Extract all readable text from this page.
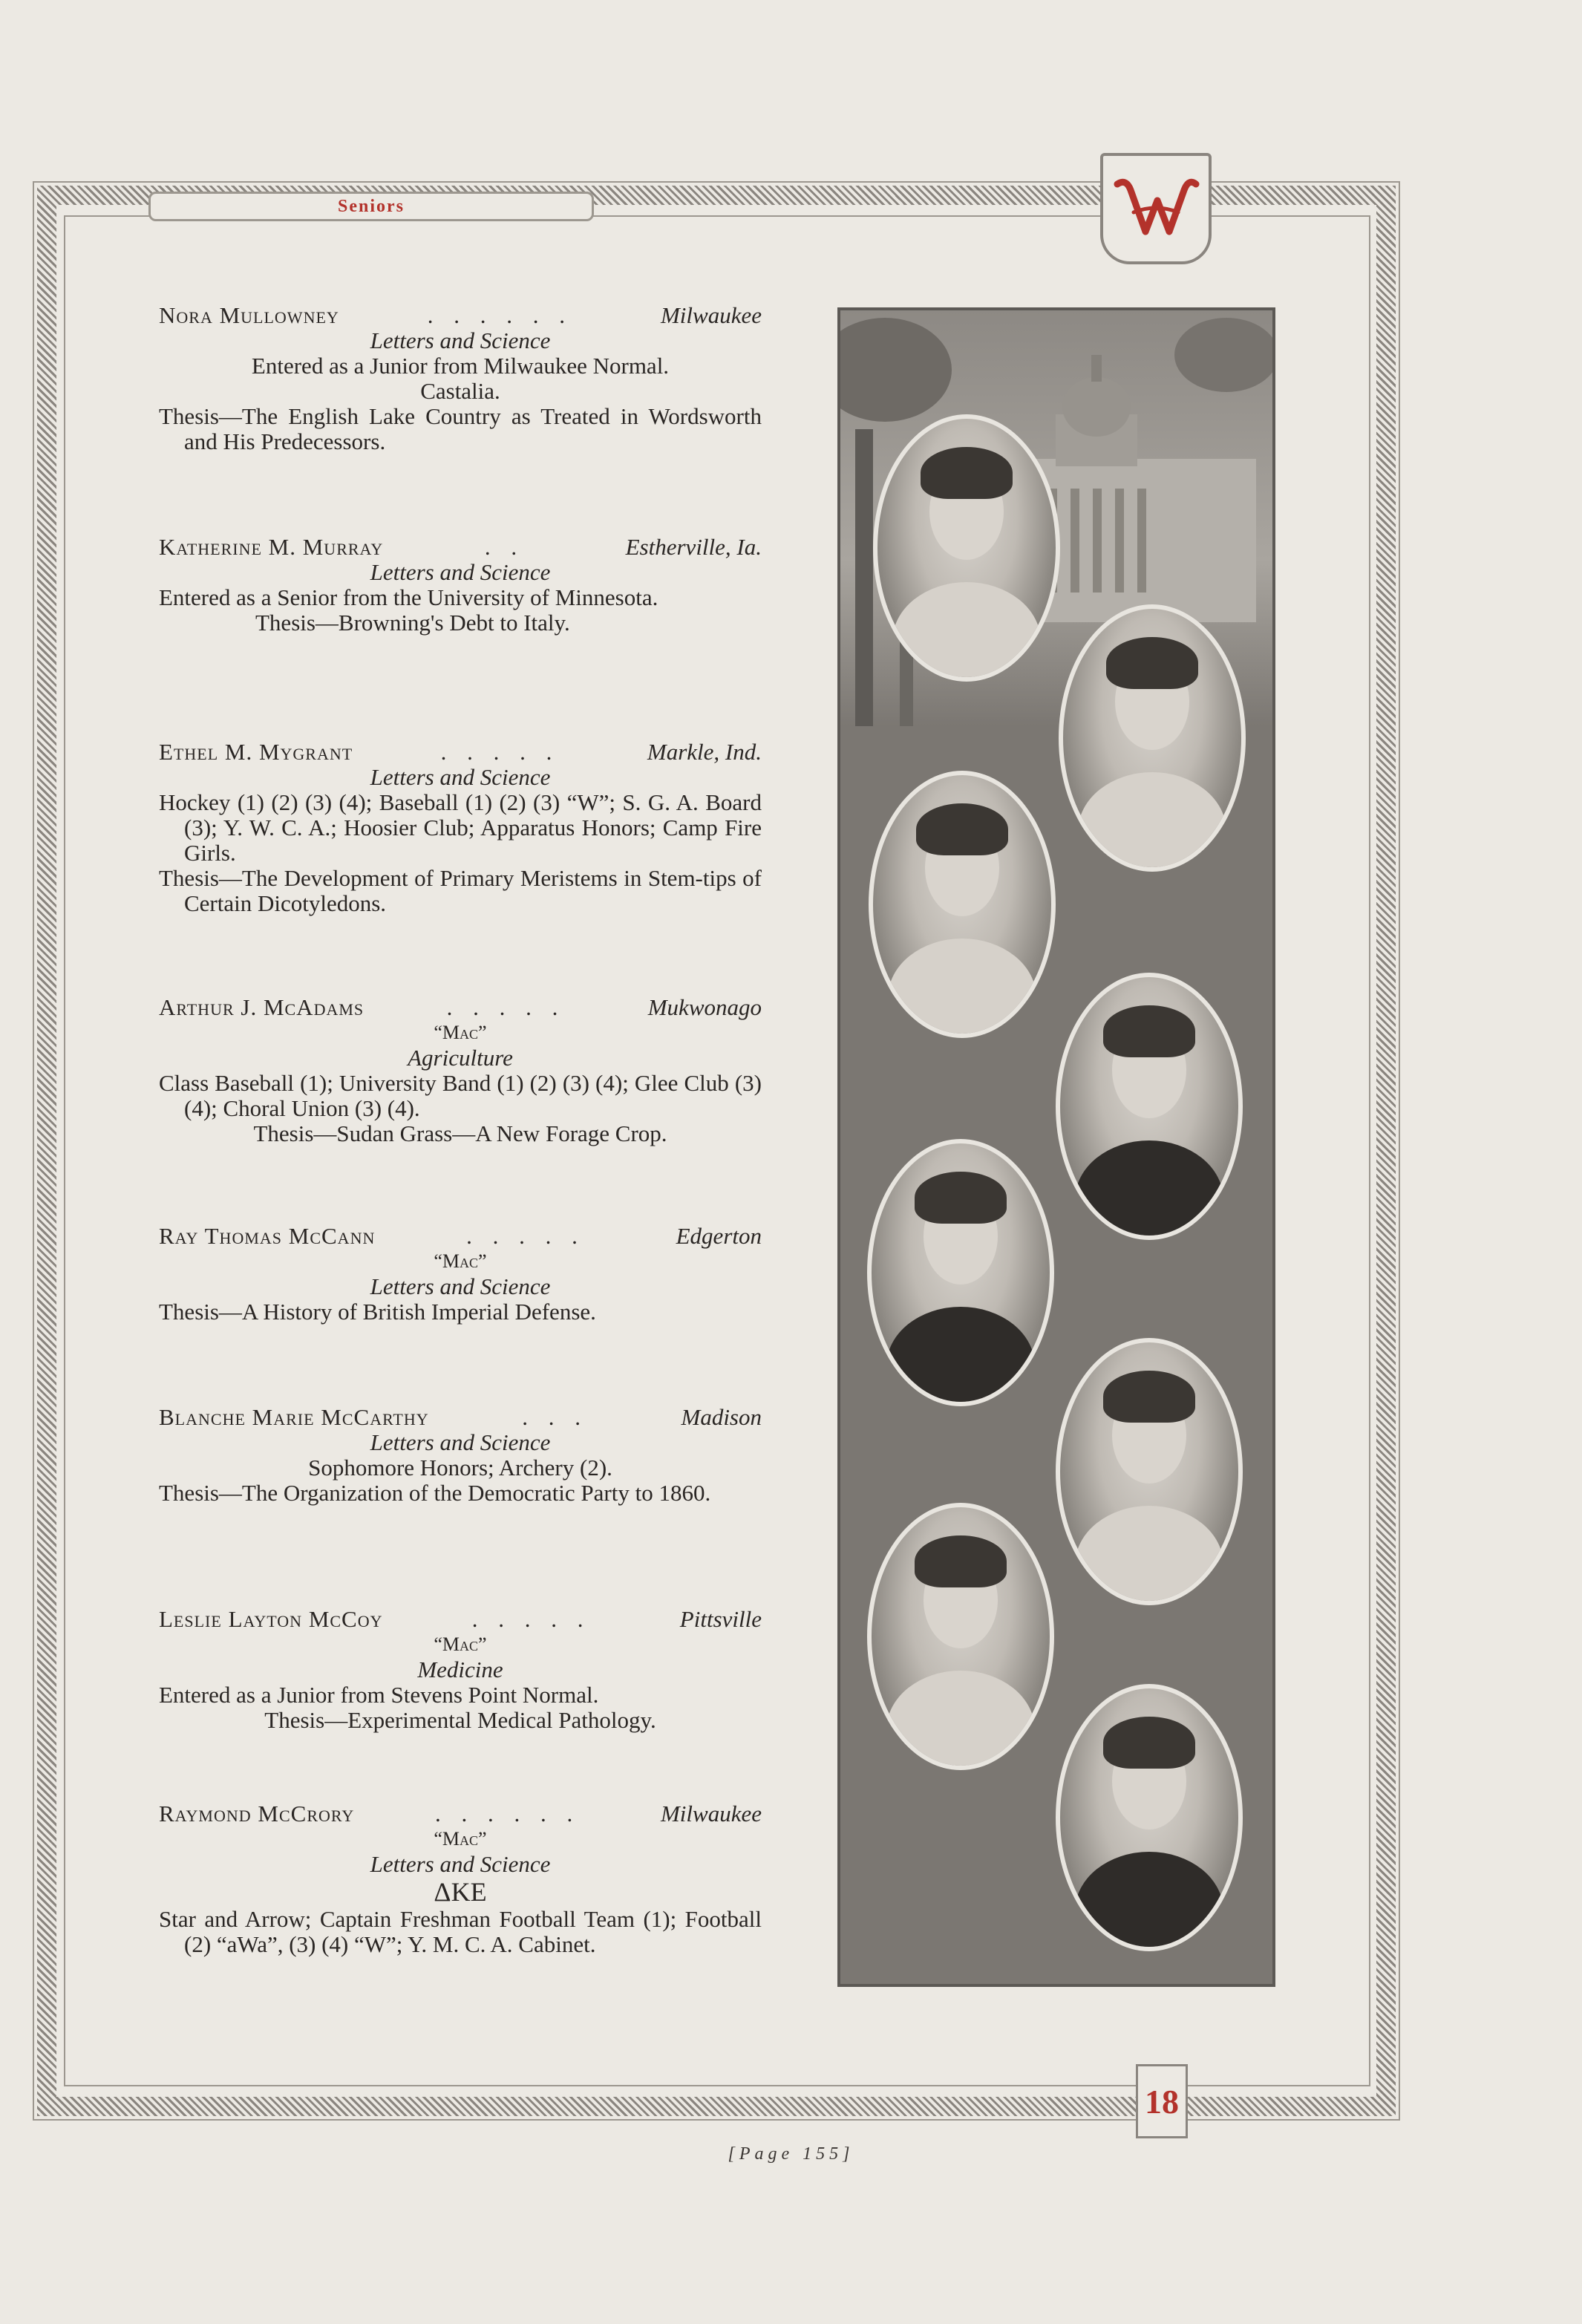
Seniors
Nora Mullowney	. . . . . .	Milwaukee
Letters and Science
Entered as a Junior from Milwaukee Normal.
Castalia.
Thesis—The English Lake Country as Treated in Wordsworth and His Predecessors.
Katherine M. Murray	. .	Estherville, Ia.
Letters and Science
Entered as a Senior from the University of Minnesota.
Thesis—Browning's Debt to Italy.
Ethel M. Mygrant	. . . . .	Markle, Ind.
Letters and Science
Hockey (1) (2) (3) (4); Baseball (1) (2) (3) “W”; S. G. A. Board (3); Y. W. C. A.; Hoosier Club; Apparatus Honors; Camp Fire Girls.
Thesis—The Development of Primary Meristems in Stem-tips of Certain Dicotyledons.
Arthur J. McAdams	. . . . .	Mukwonago
“Mac”
Agriculture
Class Baseball (1); University Band (1) (2) (3) (4); Glee Club (3) (4); Choral Union (3) (4).
Thesis—Sudan Grass—A New Forage Crop.
Ray Thomas McCann	. . . . .	Edgerton
“Mac”
Letters and Science
Thesis—A History of British Imperial Defense.
Blanche Marie McCarthy	. . .	Madison
Letters and Science
Sophomore Honors; Archery (2).
Thesis—The Organization of the Democratic Party to 1860.
Leslie Layton McCoy	. . . . .	Pittsville
“Mac”
Medicine
Entered as a Junior from Stevens Point Normal.
Thesis—Experimental Medical Pathology.
Raymond McCrory	. . . . . .	Milwaukee
“Mac”
Letters and Science
ΔKE
Star and Arrow; Captain Freshman Football Team (1); Football (2) “aWa”, (3) (4) “W”; Y. M. C. A. Cabinet.
18
[Page 155]
